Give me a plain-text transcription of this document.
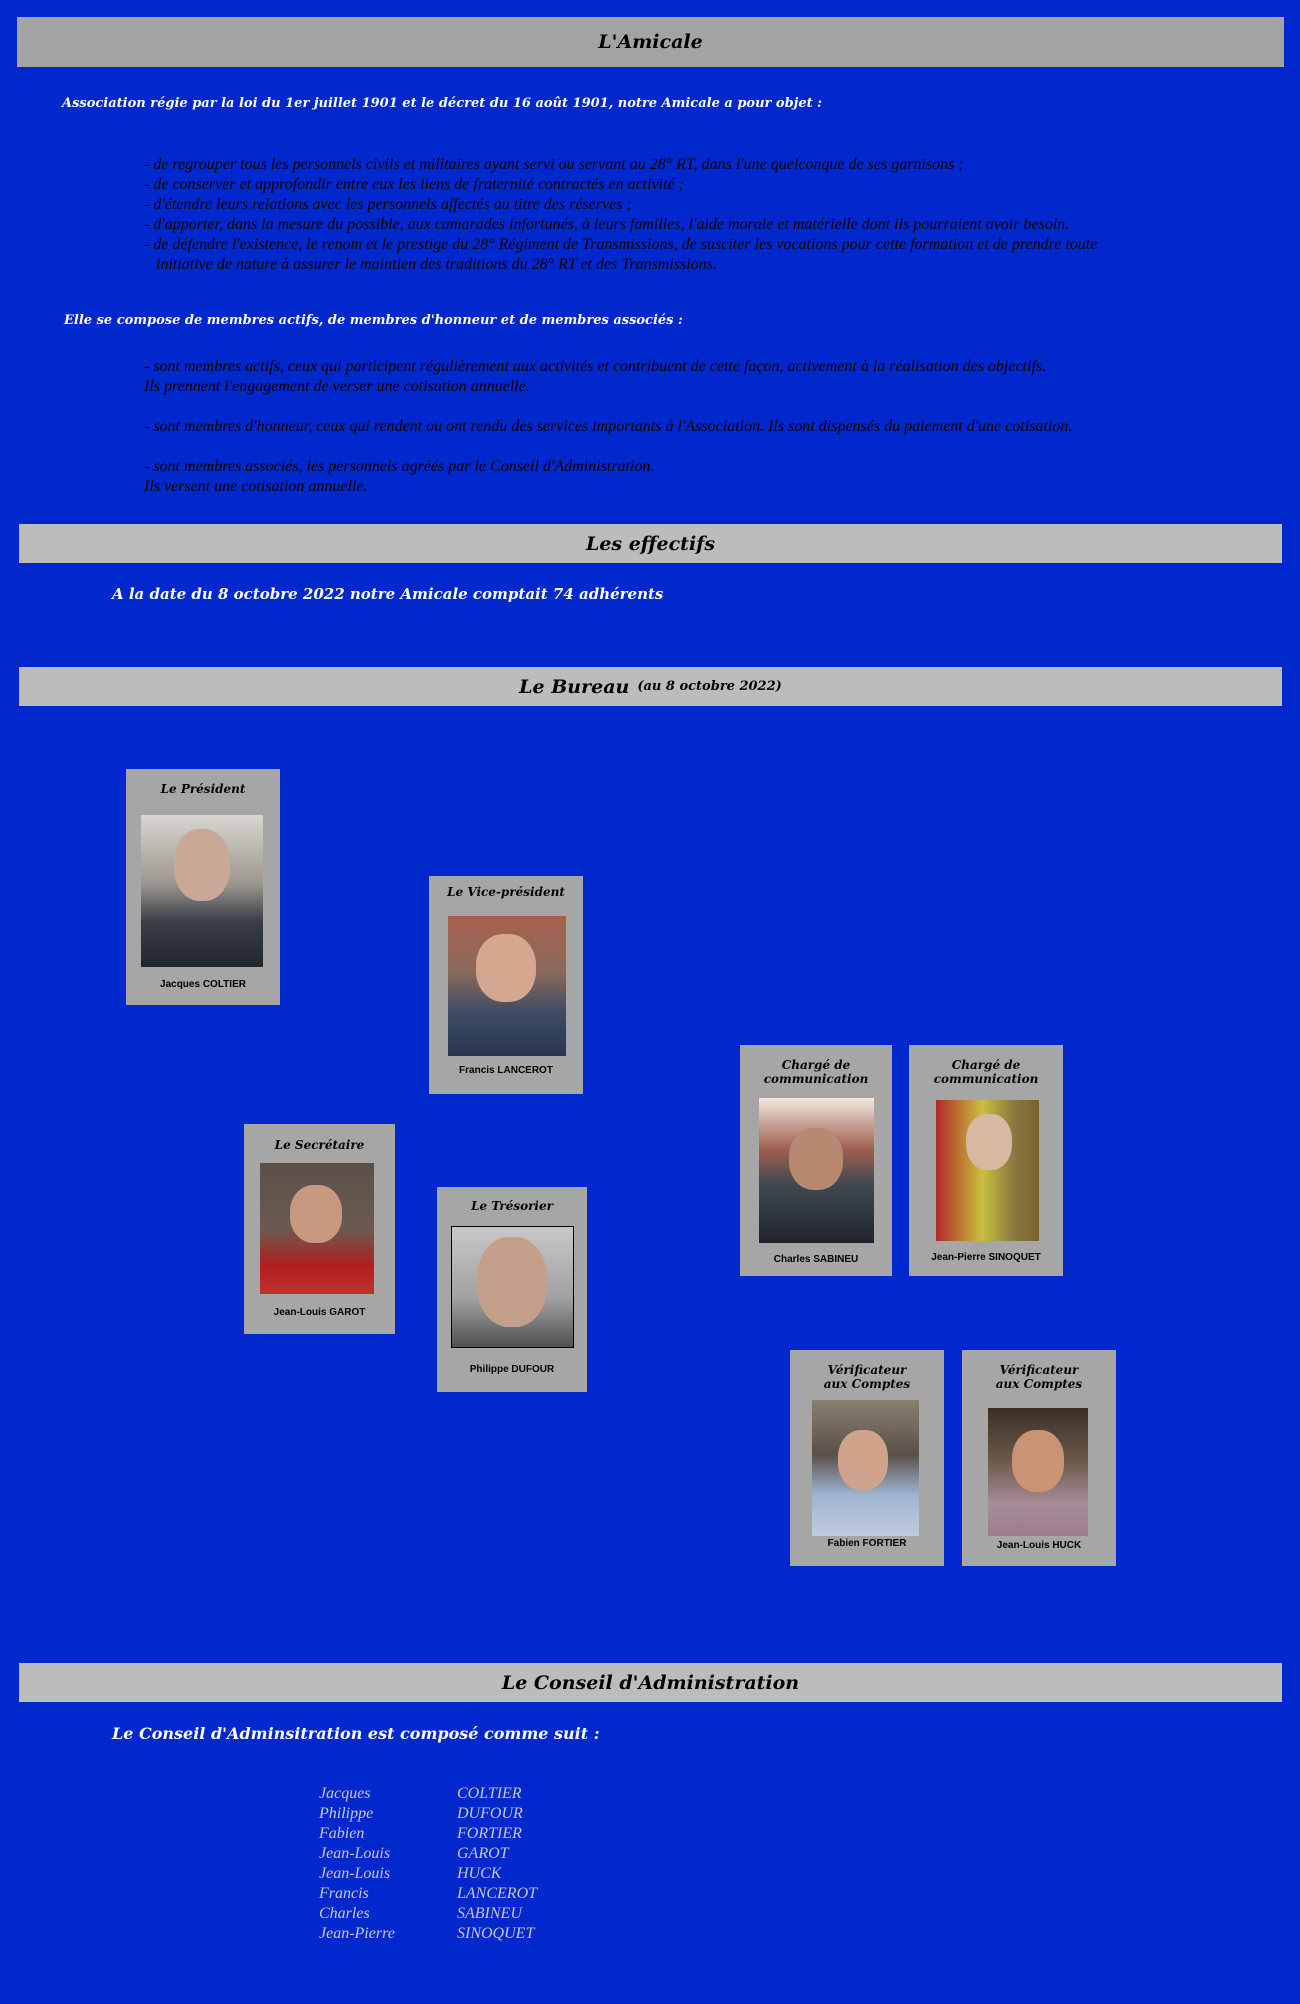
L'Amicale
Association régie par la loi du 1er juillet 1901 et le décret du 16 août 1901, notre Amicale a pour objet :
- de regrouper tous les personnels civils et militaires ayant servi ou servant au 28° RT, dans l'une quelconque de ses garnisons ;
- de conserver et approfondir entre eux les liens de fraternité contractés en activité ;
- d'étendre leurs relations avec les personnels affectés au titre des réserves ;
- d'apporter, dans la mesure du possible, aux camarades infortunés, à leurs familles, l'aide morale et matérielle dont ils pourraient avoir besoin.
- de défendre l'existence, le renom et le prestige du 28° Régiment de Transmissions, de susciter les vocations pour cette formation et de prendre toute
initiative de nature à assurer le maintien des traditions du 28° RT et des Transmissions.
Elle se compose de membres actifs, de membres d'honneur et de membres associés :
- sont membres actifs, ceux qui participent régulièrement aux activités et contribuent de cette façon, activement à la réalisation des objectifs.
Ils prennent l'engagement de verser une cotisation annuelle.
- sont membres d'honneur, ceux qui rendent ou ont rendu des services importants à l'Association. Ils sont dispensés du paiement d'une cotisation.
- sont membres associés, les personnels agréés par le Conseil d'Administration.
Ils versent une cotisation annuelle.
Les effectifs
A la date du 8 octobre 2022 notre Amicale comptait 74 adhérents
Le Bureau (au 8 octobre 2022)
Le Président
Jacques COLTIER
Le Vice-président
Francis LANCEROT
Le Secrétaire
Jean-Louis GAROT
Le Trésorier
Philippe DUFOUR
Chargé de communication
Charles SABINEU
Chargé de communication
Jean-Pierre SINOQUET
Vérificateur aux Comptes
Fabien FORTIER
Vérificateur aux Comptes
Jean-Louis HUCK
Le Conseil d'Administration
Le Conseil d'Adminsitration est composé comme suit :
Jacques	COLTIER
Philippe	DUFOUR
Fabien	FORTIER
Jean-Louis	GAROT
Jean-Louis	HUCK
Francis	LANCEROT
Charles	SABINEU
Jean-Pierre	SINOQUET
